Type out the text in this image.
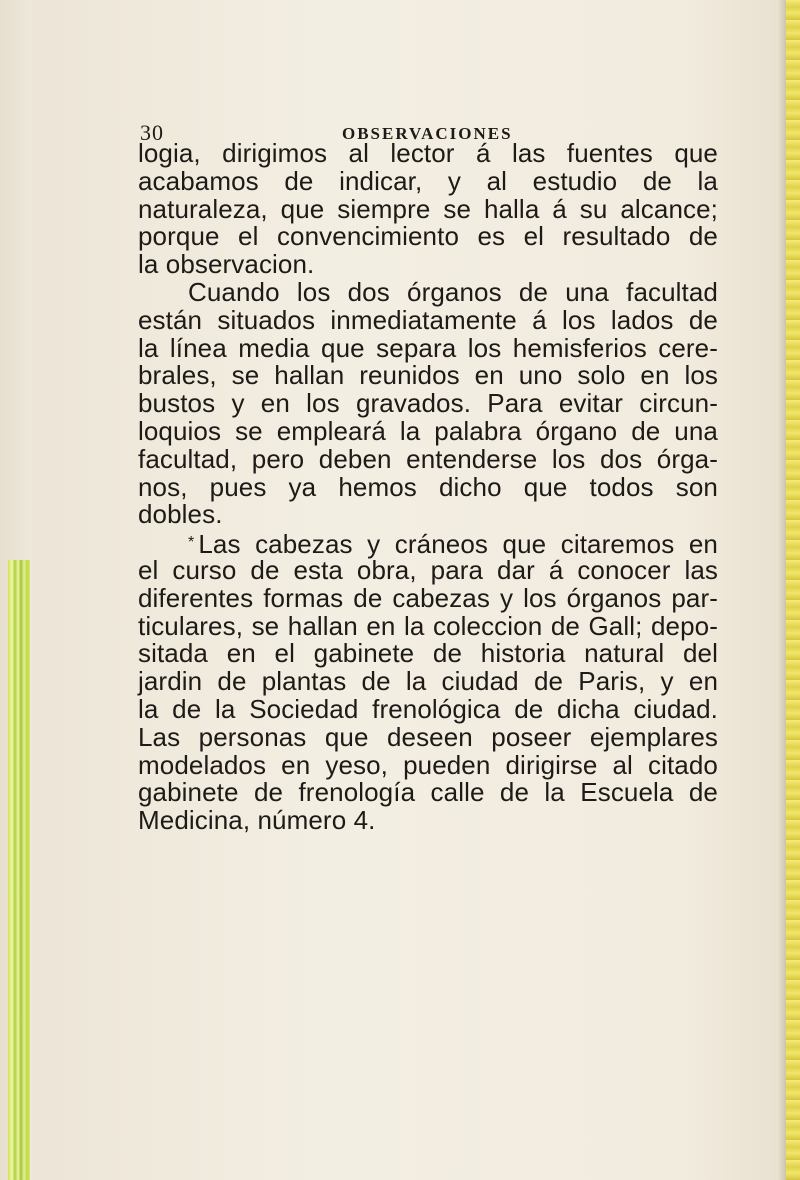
30	OBSERVACIONES
logia, dirigimos al lector á las fuentes que
acabamos de indicar, y al estudio de la
naturaleza, que siempre se halla á su alcance;
porque el convencimiento es el resultado de
la observacion.
Cuando los dos órganos de una facultad
están situados inmediatamente á los lados de
la línea media que separa los hemisferios cere-
brales, se hallan reunidos en uno solo en los
bustos y en los gravados. Para evitar circun-
loquios se empleará la palabra órgano de una
facultad, pero deben entenderse los dos órga-
nos, pues ya hemos dicho que todos son
dobles.
* Las cabezas y cráneos que citaremos en
el curso de esta obra, para dar á conocer las
diferentes formas de cabezas y los órganos par-
ticulares, se hallan en la coleccion de Gall; depo-
sitada en el gabinete de historia natural del
jardin de plantas de la ciudad de Paris, y en
la de la Sociedad frenológica de dicha ciudad.
Las personas que deseen poseer ejemplares
modelados en yeso, pueden dirigirse al citado
gabinete de frenología calle de la Escuela de
Medicina, número 4.
